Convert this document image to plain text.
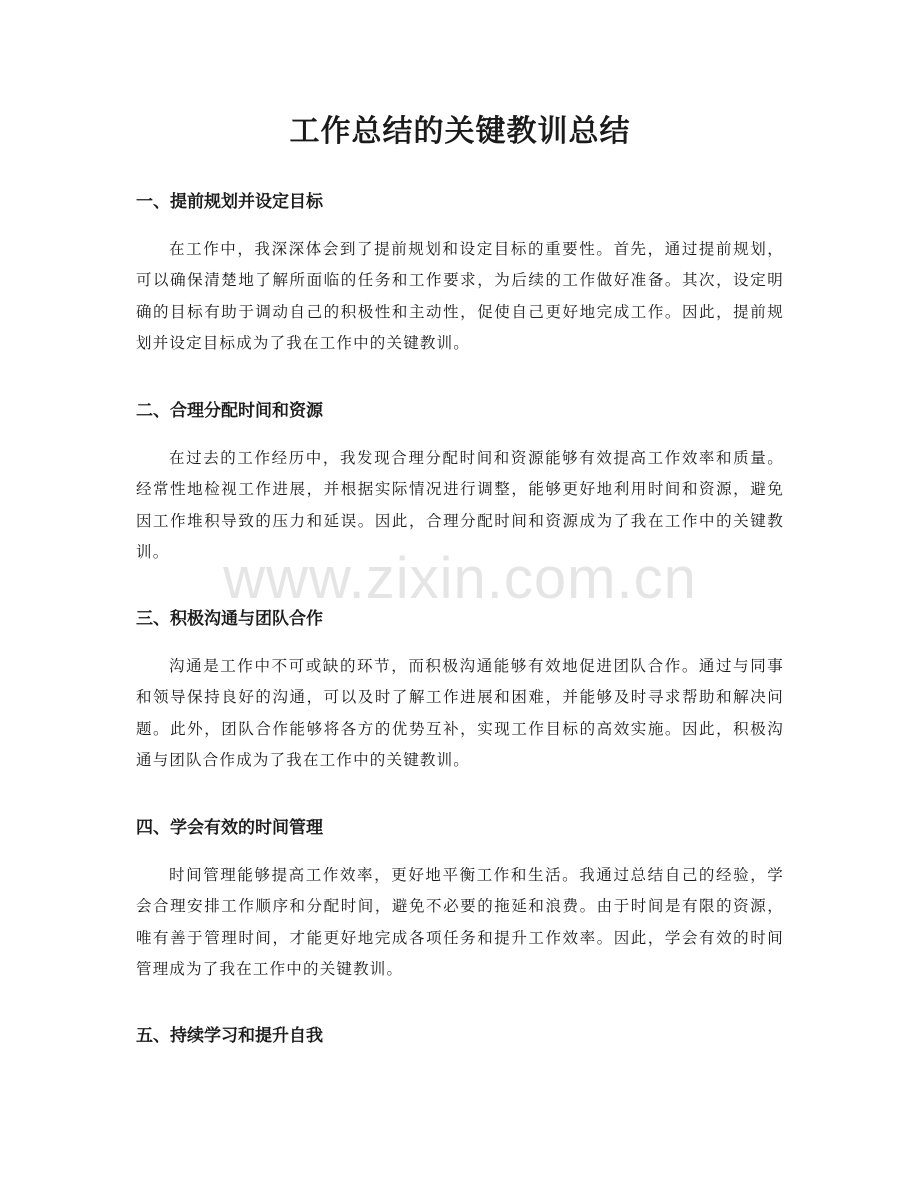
工作总结的关键教训总结
一、提前规划并设定目标

在工作中，我深深体会到了提前规划和设定目标的重要性。首先，通过提前规划，可以确保清楚地了解所面临的任务和工作要求，为后续的工作做好准备。其次，设定明确的目标有助于调动自己的积极性和主动性，促使自己更好地完成工作。因此，提前规划并设定目标成为了我在工作中的关键教训。

二、合理分配时间和资源

在过去的工作经历中，我发现合理分配时间和资源能够有效提高工作效率和质量。经常性地检视工作进展，并根据实际情况进行调整，能够更好地利用时间和资源，避免因工作堆积导致的压力和延误。因此，合理分配时间和资源成为了我在工作中的关键教训。

三、积极沟通与团队合作

沟通是工作中不可或缺的环节，而积极沟通能够有效地促进团队合作。通过与同事和领导保持良好的沟通，可以及时了解工作进展和困难，并能够及时寻求帮助和解决问题。此外，团队合作能够将各方的优势互补，实现工作目标的高效实施。因此，积极沟通与团队合作成为了我在工作中的关键教训。

四、学会有效的时间管理

时间管理能够提高工作效率，更好地平衡工作和生活。我通过总结自己的经验，学会合理安排工作顺序和分配时间，避免不必要的拖延和浪费。由于时间是有限的资源，唯有善于管理时间，才能更好地完成各项任务和提升工作效率。因此，学会有效的时间管理成为了我在工作中的关键教训。

五、持续学习和提升自我
www.zixin.com.cn
